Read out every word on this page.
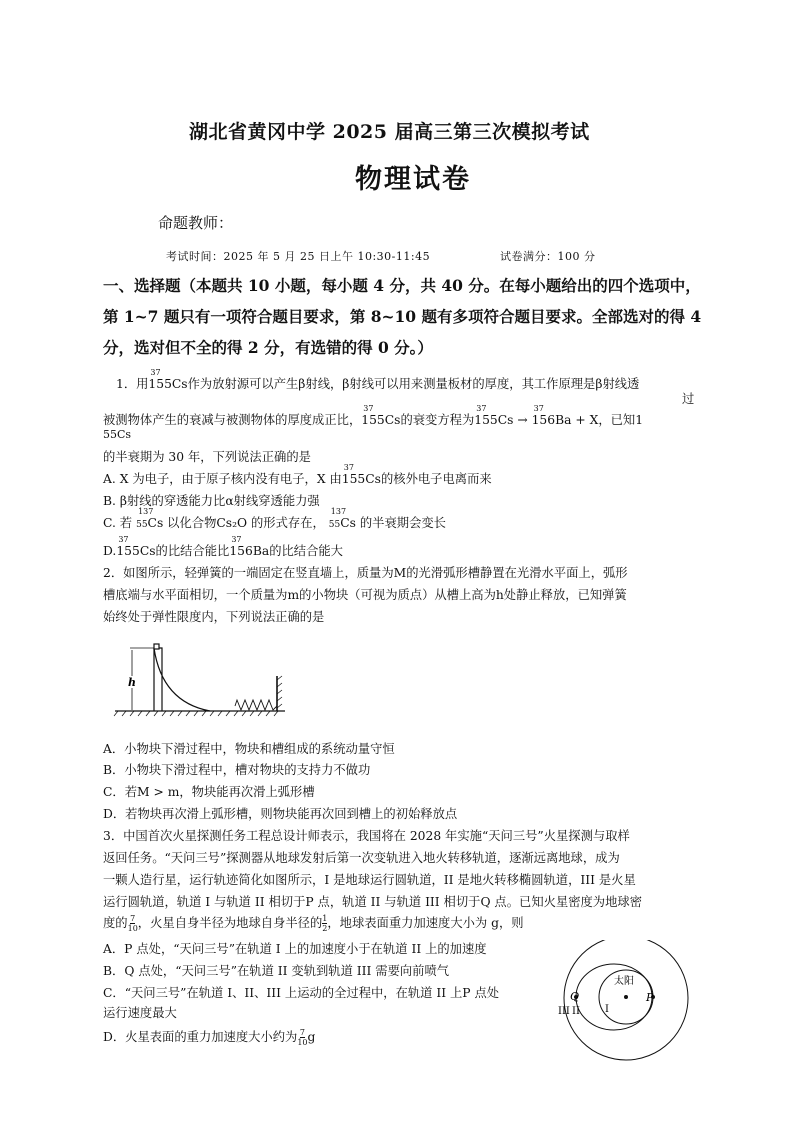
湖北省黄冈中学 2025 届高三第三次模拟考试
物理试卷
命题教师：
考试时间：2025 年 5 月 25 日上午 10:30-11:45	试卷满分：100 分
一、选择题（本题共 10 小题，每小题 4 分，共 40 分。在每小题给出的四个选项中，
第 1~7 题只有一项符合题目要求，第 8~10 题有多项符合题目要求。全部选对的得 4
分，选对但不全的得 2 分，有选错的得 0 分。）
1．用
37
155Cs作为放射源可以产生β射线，β射线可以用来测量板材的厚度，其工作原理是β射线透
过
被测物体产生的衰减与被测物体的厚度成正比，
37
155Cs的衰变方程为
37
155Cs →
37
156Ba + X，已知1
55Cs
的半衰期为 30 年，下列说法正确的是
A. X 为电子，由于原子核内没有电子，X 由
37
155Cs的核外电子电离而来
B. β射线的穿透能力比α射线穿透能力强
C. 若
137
55Cs 以化合物Cs₂O 的形式存在，
137
55Cs 的半衰期会变长
D.
37
155Cs的比结合能比
37
156Ba的比结合能大
2．如图所示，轻弹簧的一端固定在竖直墙上，质量为M的光滑弧形槽静置在光滑水平面上，弧形
槽底端与水平面相切，一个质量为m的小物块（可视为质点）从槽上高为h处静止释放，已知弹簧
始终处于弹性限度内，下列说法正确的是
h
A．小物块下滑过程中，物块和槽组成的系统动量守恒
B．小物块下滑过程中，槽对物块的支持力不做功
C．若M > m，物块能再次滑上弧形槽
D．若物块再次滑上弧形槽，则物块能再次回到槽上的初始释放点
3．中国首次火星探测任务工程总设计师表示，我国将在 2028 年实施“天问三号”火星探测与取样
返回任务。“天问三号”探测器从地球发射后第一次变轨进入地火转移轨道，逐渐远离地球，成为
一颗人造行星，运行轨迹简化如图所示，I 是地球运行圆轨道，II 是地火转移椭圆轨道，III 是火星
运行圆轨道，轨道 I 与轨道 II 相切于P 点，轨道 II 与轨道 III 相切于Q 点。已知火星密度为地球密
度的 $\frac{7}{10}$ ，火星自身半径为地球自身半径的 $\frac{1}{2}$ ，地球表面重力加速度大小为 g，则
A．P 点处，“天问三号”在轨道 I 上的加速度小于在轨道 II 上的加速度
B．Q 点处，“天问三号”在轨道 II 变轨到轨道 III 需要向前喷气
C．“天问三号”在轨道 I、II、III 上运动的全过程中，在轨道 II 上P 点处
运行速度最大
D．火星表面的重力加速度大小约为 $\frac{7}{10}$ g
太阳
P
Q
I
II
III
